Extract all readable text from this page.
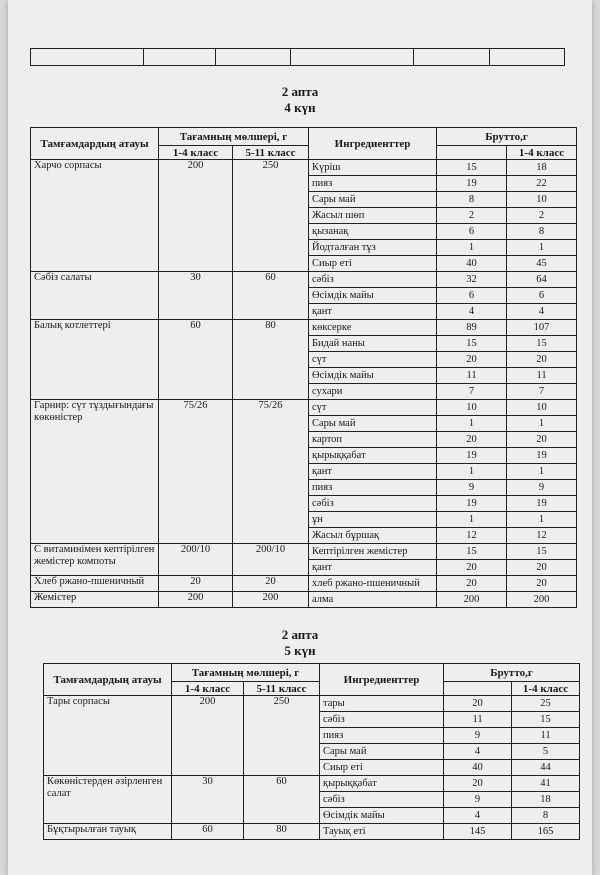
2 апта
4 күн
Тамғамдардың атауы	Тағамның мөлшері, г		Ингредиенттер	Брутто,г	
	1-4 класс	5-11 класс			1-4 класс
Харчо сорпасы	200	250	Күріш	15	18
			пияз	19	22
			Сары май	8	10
			Жасыл шөп	2	2
			қызанақ	6	8
			Йодталған тұз	1	1
			Сиыр еті	40	45
Сәбіз салаты	30	60	сәбіз	32	64
			Өсімдік майы	6	6
			қант	4	4
Балық котлеттері	60	80	көксерке	89	107
			Бидай наны	15	15
			сүт	20	20
			Өсімдік майы	11	11
			сухари	7	7
Гарнир: сүт тұздығындағы көкөністер	75/26	75/26	сүт	10	10
			Сары май	1	1
			картоп	20	20
			қырыққабат	19	19
			қант	1	1
			пияз	9	9
			сәбіз	19	19
			ұн	1	1
			Жасыл бұршақ	12	12
С витаминімен кептірілген жемістер компоты	200/10	200/10	Кептірілген жемістер	15	15
			қант	20	20
Хлеб ржано-пшеничный	20	20	хлеб ржано-пшеничный	20	20
Жемістер	200	200	алма	200	200
2 апта
5 күн
Тамғамдардың атауы	Тағамның мөлшері, г		Ингредиенттер	Брутто,г	
	1-4 класс	5-11 класс			1-4 класс
Тары сорпасы	200	250	тары	20	25
			сәбіз	11	15
			пияз	9	11
			Сары май	4	5
			Сиыр еті	40	44
Көкөністерден әзірленген салат	30	60	қырыққабат	20	41
			сәбіз	9	18
			Өсімдік майы	4	8
Бұқтырылған тауық	60	80	Тауық еті	145	165
